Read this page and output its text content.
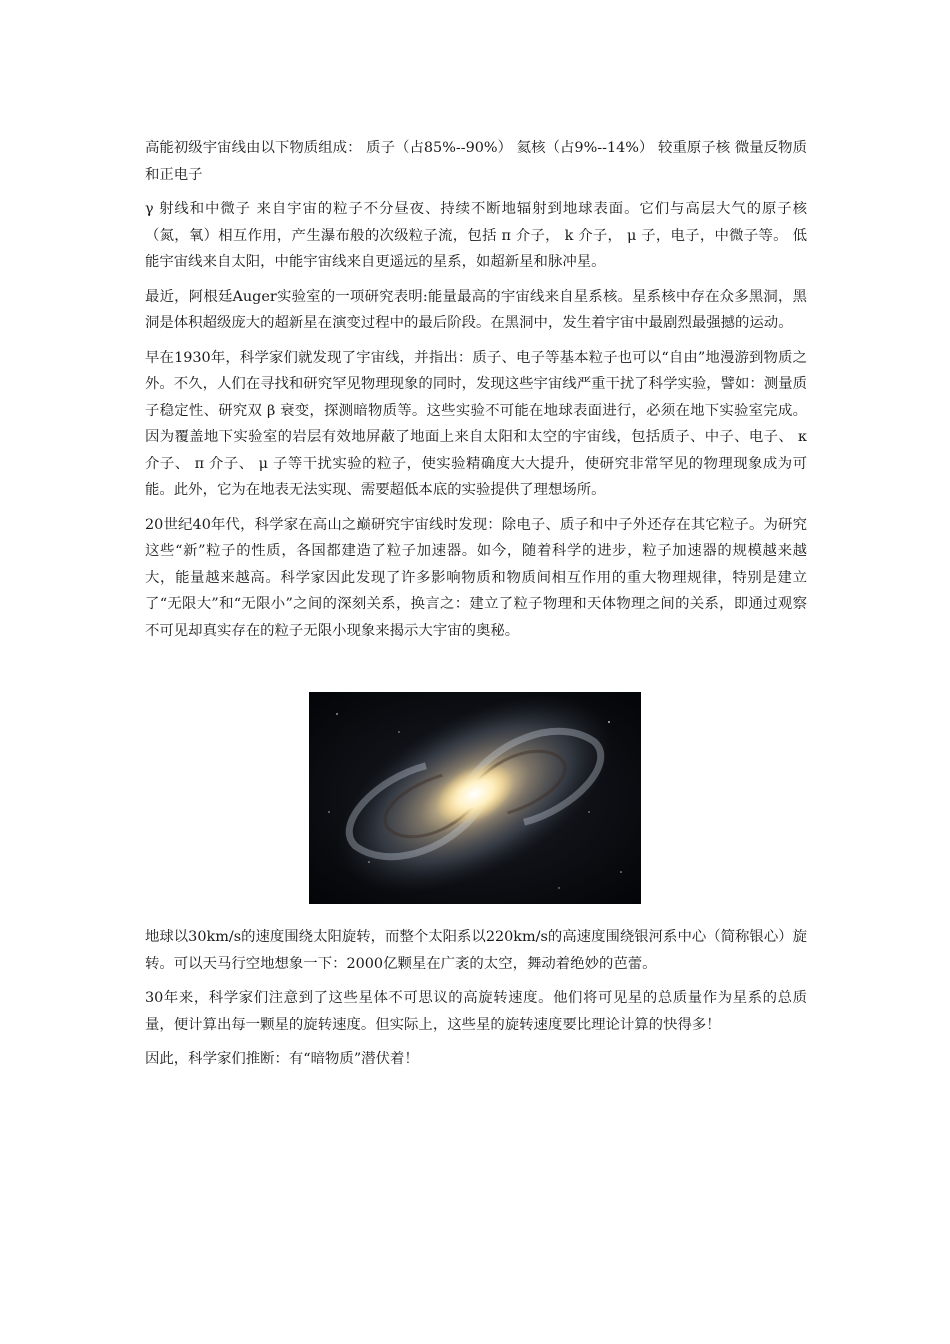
高能初级宇宙线由以下物质组成： 质子（占85%--90%） 氦核（占9%--14%） 较重原子核 微量反物质和正电子

γ 射线和中微子 来自宇宙的粒子不分昼夜、持续不断地辐射到地球表面。它们与高层大气的原子核（氮，氧）相互作用，产生瀑布般的次级粒子流，包括 π 介子， k 介子， μ 子，电子，中微子等。 低能宇宙线来自太阳，中能宇宙线来自更遥远的星系，如超新星和脉冲星。

最近，阿根廷Auger实验室的一项研究表明:能量最高的宇宙线来自星系核。星系核中存在众多黑洞，黑洞是体积超级庞大的超新星在演变过程中的最后阶段。在黑洞中，发生着宇宙中最剧烈最强撼的运动。

早在1930年，科学家们就发现了宇宙线，并指出：质子、电子等基本粒子也可以“自由”地漫游到物质之外。不久，人们在寻找和研究罕见物理现象的同时，发现这些宇宙线严重干扰了科学实验，譬如：测量质子稳定性、研究双 β 衰变，探测暗物质等。这些实验不可能在地球表面进行，必须在地下实验室完成。因为覆盖地下实验室的岩层有效地屏蔽了地面上来自太阳和太空的宇宙线，包括质子、中子、电子、 κ 介子、 π 介子、 μ 子等干扰实验的粒子，使实验精确度大大提升，使研究非常罕见的物理现象成为可能。此外，它为在地表无法实现、需要超低本底的实验提供了理想场所。

20世纪40年代，科学家在高山之巅研究宇宙线时发现：除电子、质子和中子外还存在其它粒子。为研究这些“新”粒子的性质，各国都建造了粒子加速器。如今，随着科学的进步，粒子加速器的规模越来越大，能量越来越高。科学家因此发现了许多影响物质和物质间相互作用的重大物理规律，特别是建立了“无限大”和“无限小”之间的深刻关系，换言之：建立了粒子物理和天体物理之间的关系，即通过观察不可见却真实存在的粒子无限小现象来揭示大宇宙的奥秘。

地球以30km/s的速度围绕太阳旋转，而整个太阳系以220km/s的高速度围绕银河系中心（简称银心）旋转。可以天马行空地想象一下：2000亿颗星在广袤的太空，舞动着绝妙的芭蕾。

30年来，科学家们注意到了这些星体不可思议的高旋转速度。他们将可见星的总质量作为星系的总质量，便计算出每一颗星的旋转速度。但实际上，这些星的旋转速度要比理论计算的快得多！

因此，科学家们推断：有“暗物质”潜伏着！
